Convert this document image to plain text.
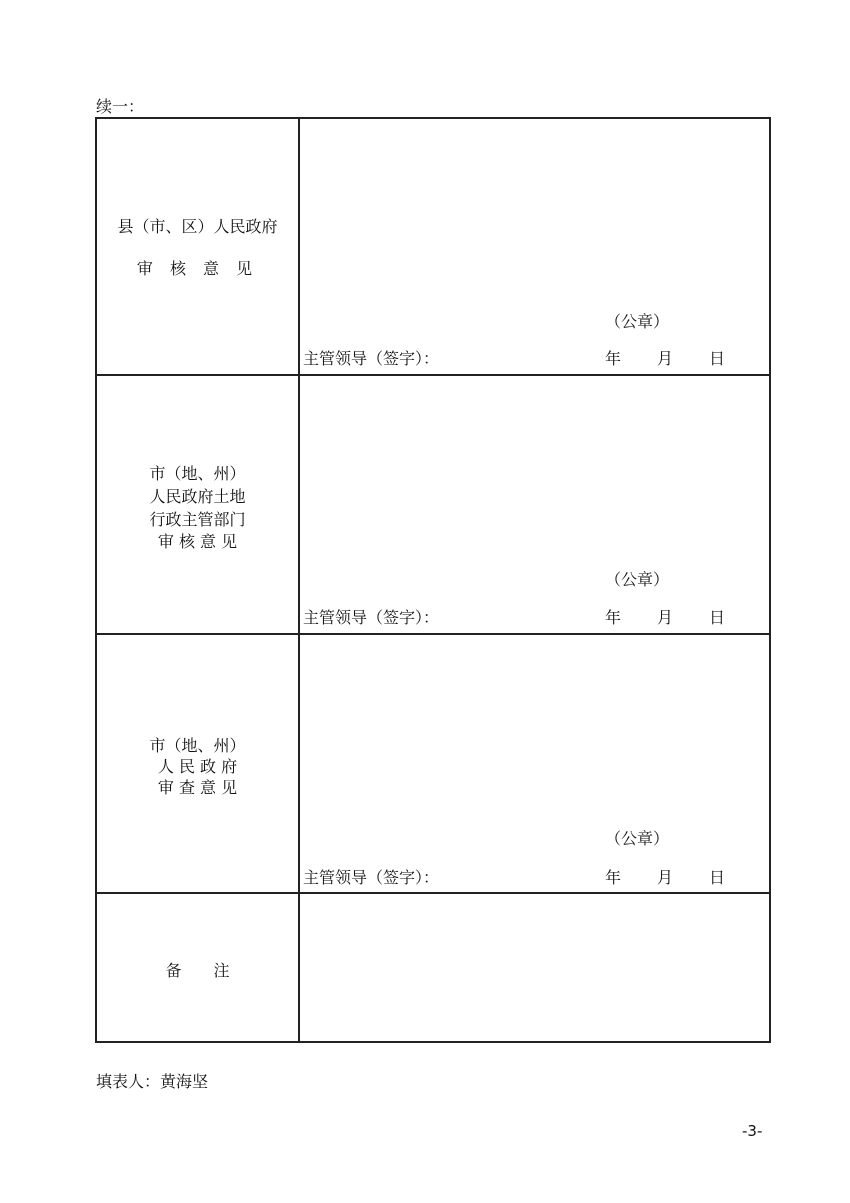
续一：
县（市、区）人民政府
审 核 意 见
（公章）
主管领导（签字）：	年 月 日
市（地、州）
人民政府土地
行政主管部门
审 核 意 见
（公章）
主管领导（签字）：	年 月 日
市（地、州）
人 民 政 府
审 查 意 见
（公章）
主管领导（签字）：	年 月 日
备　　注
填表人：黄海坚
-3-
